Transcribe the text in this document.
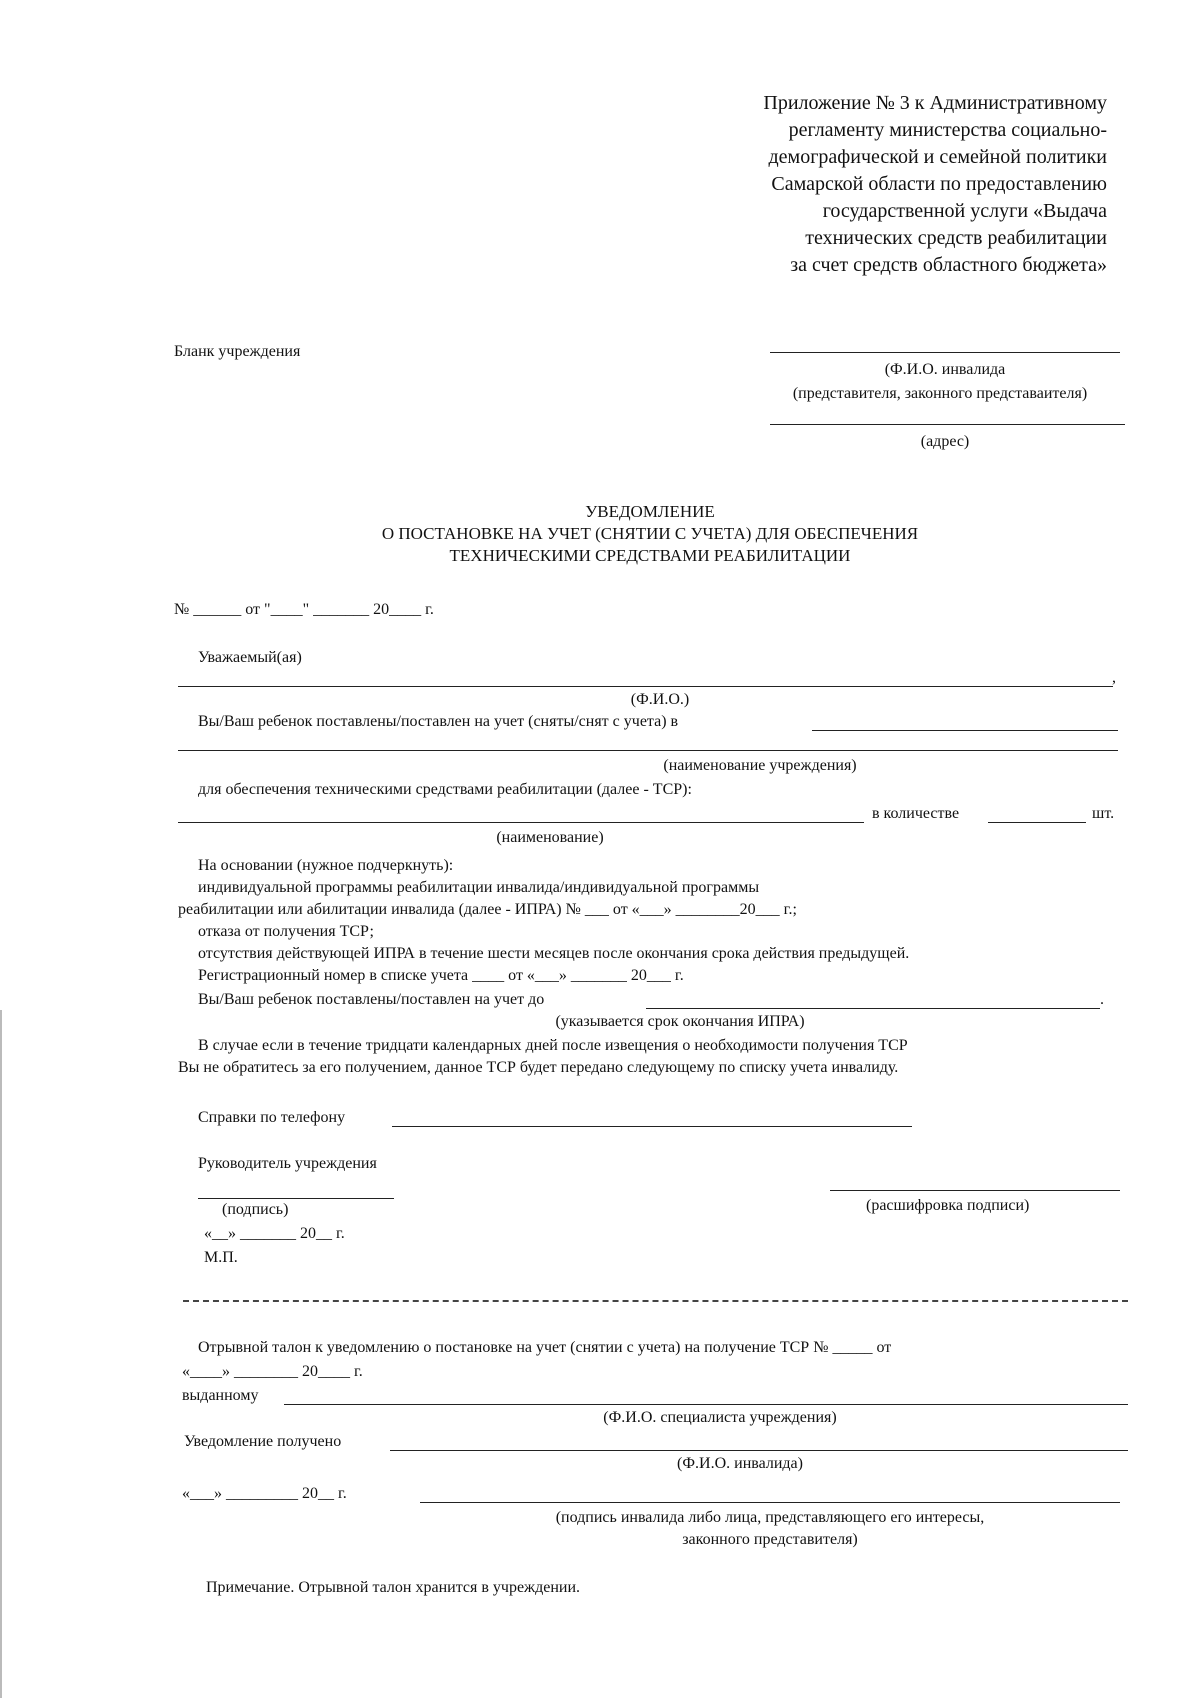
Приложение № 3 к Административному
регламенту министерства социально-
демографической и семейной политики
Самарской области по предоставлению
государственной услуги «Выдача
технических средств реабилитации
за счет средств областного бюджета»
Бланк учреждения
(Ф.И.О. инвалида
(представителя, законного представаителя)
(адрес)
УВЕДОМЛЕНИЕ
О ПОСТАНОВКЕ НА УЧЕТ (СНЯТИИ С УЧЕТА) ДЛЯ ОБЕСПЕЧЕНИЯ
ТЕХНИЧЕСКИМИ СРЕДСТВАМИ РЕАБИЛИТАЦИИ
№ ______ от "____" _______ 20____ г.
Уважаемый(ая)
,
(Ф.И.О.)
Вы/Ваш ребенок поставлены/поставлен на учет (сняты/снят с учета) в
(наименование учреждения)
для обеспечения техническими средствами реабилитации (далее - ТСР):
в количестве	шт.
(наименование)
На основании (нужное подчеркнуть):
индивидуальной программы реабилитации инвалида/индивидуальной программы
реабилитации или абилитации инвалида (далее - ИПРА) № ___ от «___» ________20___ г.;
отказа от получения ТСР;
отсутствия действующей ИПРА в течение шести месяцев после окончания срока действия предыдущей.
Регистрационный номер в списке учета ____ от «___» _______ 20___ г.
Вы/Ваш ребенок поставлены/поставлен на учет до	.
(указывается срок окончания ИПРА)
В случае если в течение тридцати календарных дней после извещения о необходимости получения ТСР
Вы не обратитесь за его получением, данное ТСР будет передано следующему по списку учета инвалиду.
Справки по телефону
Руководитель учреждения
(подпись)	(расшифровка подписи)
«__» _______ 20__ г.
М.П.
Отрывной талон к уведомлению о постановке на учет (снятии с учета) на получение ТСР № _____ от
«____» ________ 20____ г.
выданному
(Ф.И.О. специалиста учреждения)
Уведомление получено
(Ф.И.О. инвалида)
«___» _________ 20__ г.
(подпись инвалида либо лица, представляющего его интересы,
законного представителя)
Примечание. Отрывной талон хранится в учреждении.
